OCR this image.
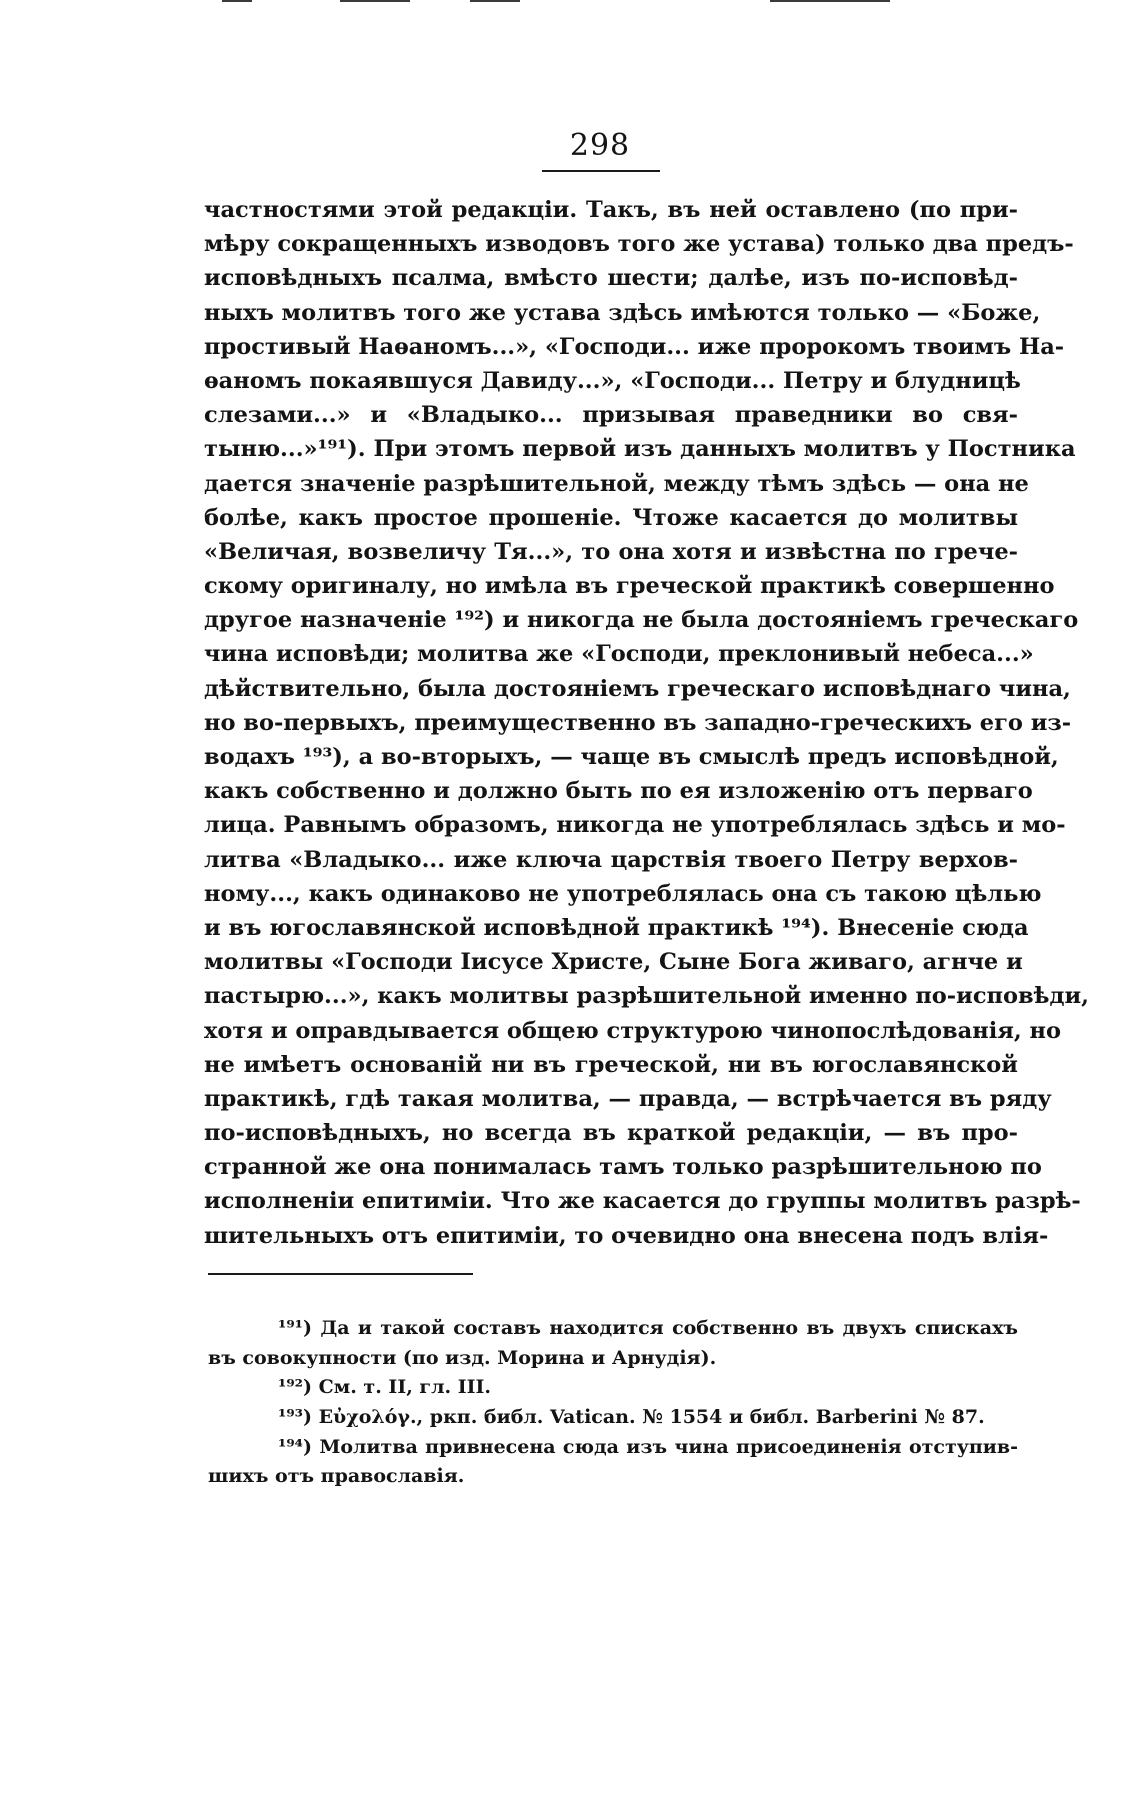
298
частностями этой редакціи. Такъ, въ ней оставлено (по при-
мѣру сокращенныхъ изводовъ того же устава) только два предъ-
исповѣдныхъ псалма, вмѣсто шести; далѣе, изъ по-исповѣд-
ныхъ молитвъ того же устава здѣсь имѣются только — «Боже,
простивый Наѳаномъ...», «Господи... иже пророкомъ твоимъ На-
ѳаномъ покаявшуся Давиду...», «Господи... Петру и блудницѣ
слезами...» и «Владыко... призывая праведники во свя-
тыню...»¹⁹¹). При этомъ первой изъ данныхъ молитвъ у Постника
дается значеніе разрѣшительной, между тѣмъ здѣсь — она не
болѣе, какъ простое прошеніе. Чтоже касается до молитвы
«Величая, возвеличу Тя...», то она хотя и извѣстна по грече-
скому оригиналу, но имѣла въ греческой практикѣ совершенно
другое назначеніе ¹⁹²) и никогда не была достояніемъ греческаго
чина исповѣди; молитва же «Господи, преклонивый небеса...»
дѣйствительно, была достояніемъ греческаго исповѣднаго чина,
но во-первыхъ, преимущественно въ западно-греческихъ его из-
водахъ ¹⁹³), а во-вторыхъ, — чаще въ смыслѣ предъ исповѣдной,
какъ собственно и должно быть по ея изложенію отъ перваго
лица. Равнымъ образомъ, никогда не употреблялась здѣсь и мо-
литва «Владыко... иже ключа царствія твоего Петру верхов-
ному..., какъ одинаково не употреблялась она съ такою цѣлью
и въ югославянской исповѣдной практикѣ ¹⁹⁴). Внесеніе сюда
молитвы «Господи Іисусе Христе, Сыне Бога живаго, агнче и
пастырю...», какъ молитвы разрѣшительной именно по-исповѣди,
хотя и оправдывается общею структурою чинопослѣдованія, но
не имѣетъ основаній ни въ греческой, ни въ югославянской
практикѣ, гдѣ такая молитва, — правда, — встрѣчается въ ряду
по-исповѣдныхъ, но всегда въ краткой редакціи, — въ про-
странной же она понималась тамъ только разрѣшительною по
исполненіи епитиміи. Что же касается до группы молитвъ разрѣ-
шительныхъ отъ епитиміи, то очевидно она внесена подъ влія-
¹⁹¹) Да и такой составъ находится собственно въ двухъ спискахъ
въ совокупности (по изд. Морина и Арнудія).
¹⁹²) См. т. II, гл. III.
¹⁹³) Εὐχολόγ., ркп. библ. Vatican. № 1554 и библ. Barberini № 87.
¹⁹⁴) Молитва привнесена сюда изъ чина присоединенія отступив-
шихъ отъ православія.
